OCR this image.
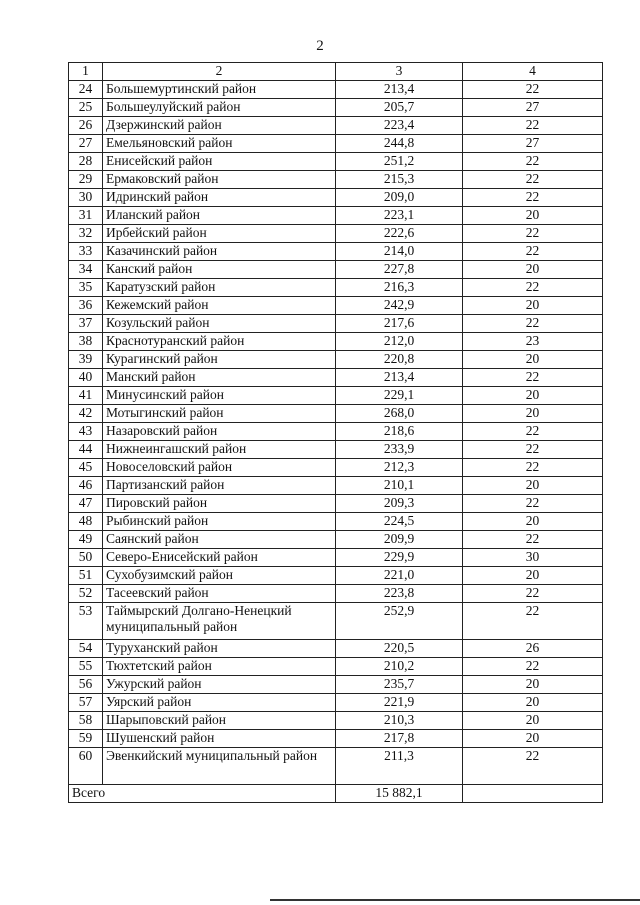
2
1	2	3	4
24	Большемуртинский район	213,4	22
25	Большеулуйский район	205,7	27
26	Дзержинский район	223,4	22
27	Емельяновский район	244,8	27
28	Енисейский район	251,2	22
29	Ермаковский район	215,3	22
30	Идринский район	209,0	22
31	Иланский район	223,1	20
32	Ирбейский район	222,6	22
33	Казачинский район	214,0	22
34	Канский район	227,8	20
35	Каратузский район	216,3	22
36	Кежемский район	242,9	20
37	Козульский район	217,6	22
38	Краснотуранский район	212,0	23
39	Курагинский район	220,8	20
40	Манский район	213,4	22
41	Минусинский район	229,1	20
42	Мотыгинский район	268,0	20
43	Назаровский район	218,6	22
44	Нижнеингашский район	233,9	22
45	Новоселовский район	212,3	22
46	Партизанский район	210,1	20
47	Пировский район	209,3	22
48	Рыбинский район	224,5	20
49	Саянский район	209,9	22
50	Северо-Енисейский район	229,9	30
51	Сухобузимский район	221,0	20
52	Тасеевский район	223,8	22
53	Таймырский Долгано-Ненецкий муниципальный район	252,9	22
54	Туруханский район	220,5	26
55	Тюхтетский район	210,2	22
56	Ужурский район	235,7	20
57	Уярский район	221,9	20
58	Шарыповский район	210,3	20
59	Шушенский район	217,8	20
60	Эвенкийский муниципальный район	211,3	22
Всего		15 882,1	
